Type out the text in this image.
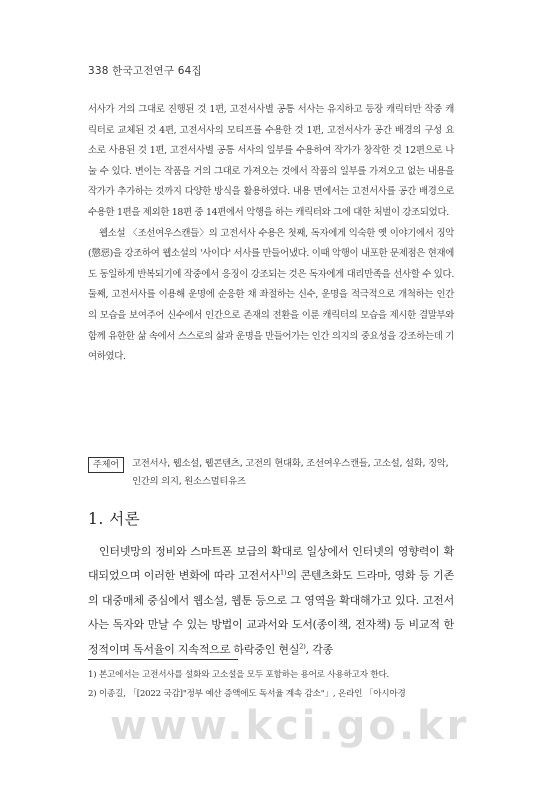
338 한국고전연구 64집

서사가 거의 그대로 진행된 것 1편, 고전서사별 공통 서사는 유지하고 등장 캐릭터만 작중 캐릭터로 교체된 것 4편, 고전서사의 모티프를 수용한 것 1편, 고전서사가 공간 배경의 구성 요소로 사용된 것 1편, 고전서사별 공통 서사의 일부를 수용하여 작가가 창작한 것 12편으로 나눌 수 있다. 변이는 작품을 거의 그대로 가져오는 것에서 작품의 일부를 가져오고 없는 내용을 작가가 추가하는 것까지 다양한 방식을 활용하였다. 내용 면에서는 고전서사를 공간 배경으로 수용한 1편을 제외한 18편 중 14편에서 악행을 하는 캐릭터와 그에 대한 처벌이 강조되었다.

웹소설 〈조선여우스캔들〉의 고전서사 수용은 첫째, 독자에게 익숙한 옛 이야기에서 징악(懲惡)을 강조하여 웹소설의 '사이다' 서사를 만들어냈다. 이때 악행이 내포한 문제점은 현재에도 동일하게 반복되기에 작중에서 응징이 강조되는 것은 독자에게 대리만족을 선사할 수 있다. 둘째, 고전서사를 이용해 운명에 순응한 채 좌절하는 신수, 운명을 적극적으로 개척하는 인간의 모습을 보여주어 신수에서 인간으로 존재의 전환을 이룬 캐릭터의 모습을 제시한 결말부와 함께 유한한 삶 속에서 스스로의 삶과 운명을 만들어가는 인간 의지의 중요성을 강조하는데 기여하였다.

주제어	고전서사, 웹소설, 웹콘텐츠, 고전의 현대화, 조선여우스캔들, 고소설, 설화, 징악, 인간의 의지, 원소스멀티유즈
1. 서론

인터넷망의 정비와 스마트폰 보급의 확대로 일상에서 인터넷의 영향력이 확대되었으며 이러한 변화에 따라 고전서사$^{1)}$의 콘텐츠화도 드라마, 영화 등 기존의 대중매체 중심에서 웹소설, 웹툰 등으로 그 영역을 확대해가고 있다. 고전서사는 독자와 만날 수 있는 방법이 교과서와 도서(종이책, 전자책) 등 비교적 한정적이며 독서율이 지속적으로 하락중인 현실$^{2)}$, 각종

1) 본고에서는 고전서사를 설화와 고소설을 모두 포함하는 용어로 사용하고자 한다.
2) 이종길, 「[2022 국감]"정부 예산 증액에도 독서율 계속 감소"」, 온라인 「아시아경
www.kci.go.kr
